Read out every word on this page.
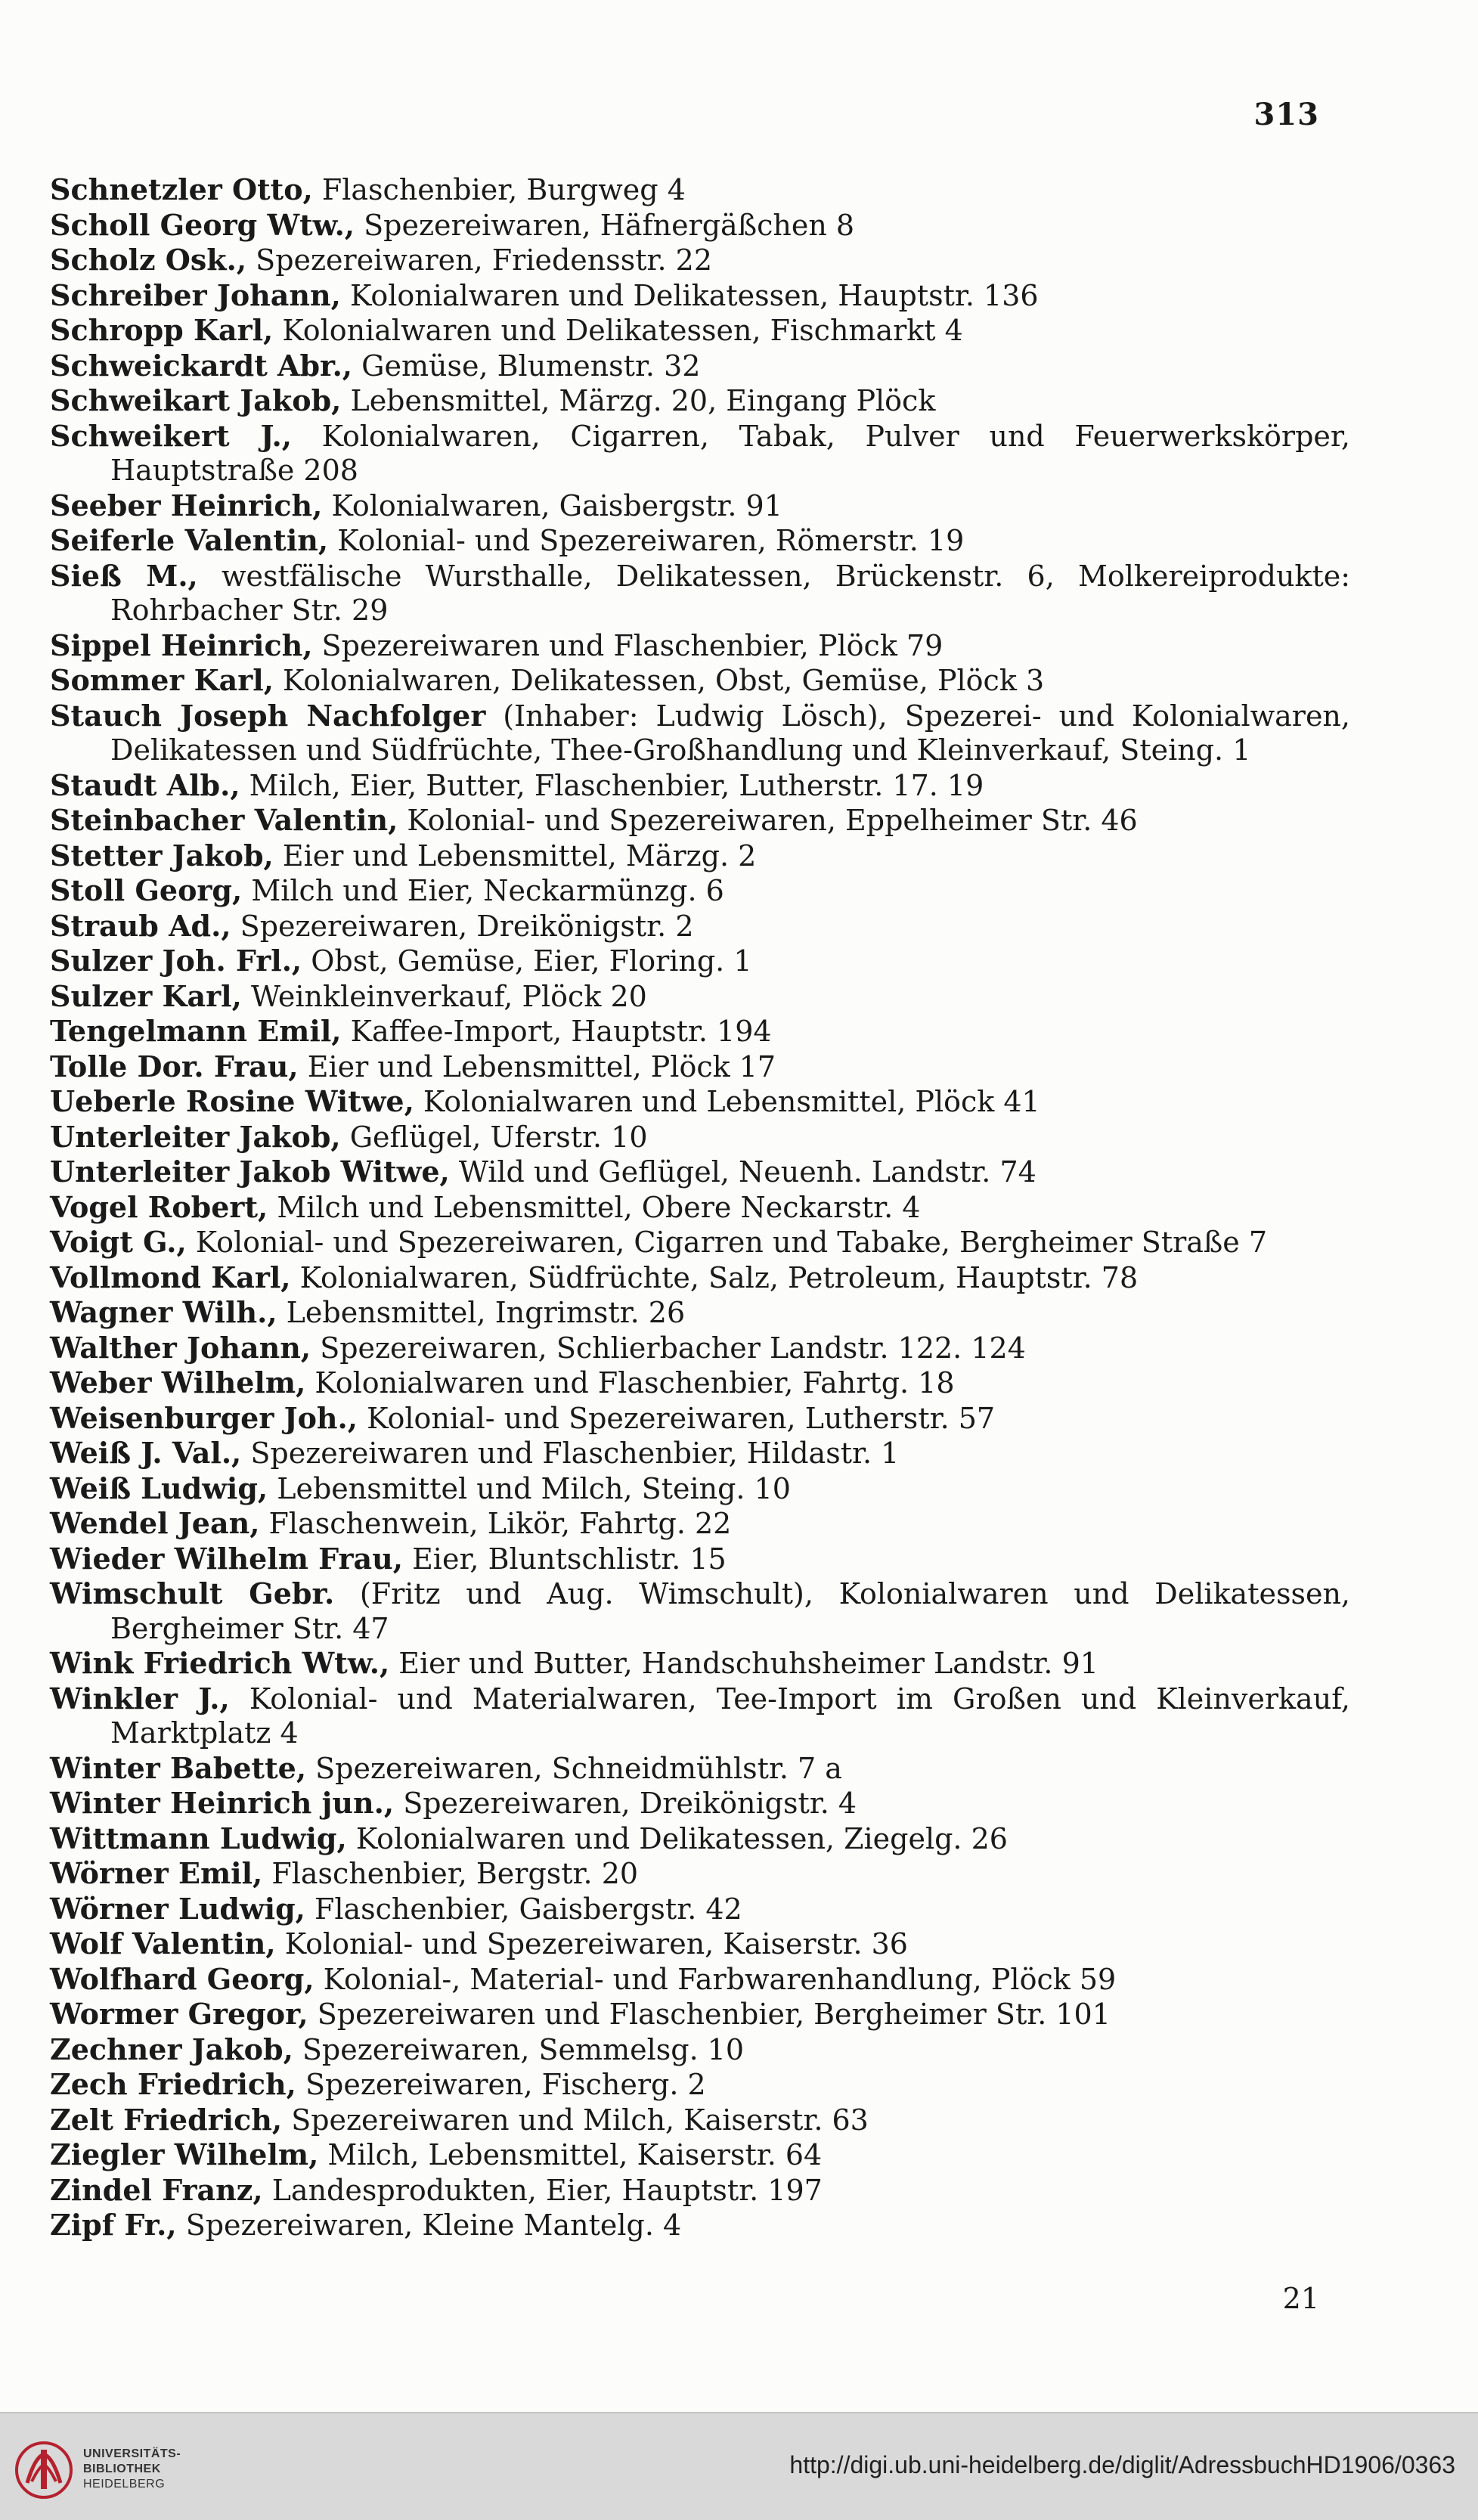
313

Schnetzler Otto, Flaschenbier, Burgweg 4

Scholl Georg Wtw., Spezereiwaren, Häfnergäßchen 8

Scholz Osk., Spezereiwaren, Friedensstr. 22

Schreiber Johann, Kolonialwaren und Delikatessen, Hauptstr. 136

Schropp Karl, Kolonialwaren und Delikatessen, Fischmarkt 4

Schweickardt Abr., Gemüse, Blumenstr. 32

Schweikart Jakob, Lebensmittel, Märzg. 20, Eingang Plöck

Schweikert J., Kolonialwaren, Cigarren, Tabak, Pulver und Feuerwerkskörper, Hauptstraße 208

Seeber Heinrich, Kolonialwaren, Gaisbergstr. 91

Seiferle Valentin, Kolonial- und Spezereiwaren, Römerstr. 19

Sieß M., westfälische Wursthalle, Delikatessen, Brückenstr. 6, Molkereiprodukte: Rohrbacher Str. 29

Sippel Heinrich, Spezereiwaren und Flaschenbier, Plöck 79

Sommer Karl, Kolonialwaren, Delikatessen, Obst, Gemüse, Plöck 3

Stauch Joseph Nachfolger (Inhaber: Ludwig Lösch), Spezerei- und Kolonialwaren, Delikatessen und Südfrüchte, Thee-Großhandlung und Kleinverkauf, Steing. 1

Staudt Alb., Milch, Eier, Butter, Flaschenbier, Lutherstr. 17. 19

Steinbacher Valentin, Kolonial- und Spezereiwaren, Eppelheimer Str. 46

Stetter Jakob, Eier und Lebensmittel, Märzg. 2

Stoll Georg, Milch und Eier, Neckarmünzg. 6

Straub Ad., Spezereiwaren, Dreikönigstr. 2

Sulzer Joh. Frl., Obst, Gemüse, Eier, Floring. 1

Sulzer Karl, Weinkleinverkauf, Plöck 20

Tengelmann Emil, Kaffee-Import, Hauptstr. 194

Tolle Dor. Frau, Eier und Lebensmittel, Plöck 17

Ueberle Rosine Witwe, Kolonialwaren und Lebensmittel, Plöck 41

Unterleiter Jakob, Geflügel, Uferstr. 10

Unterleiter Jakob Witwe, Wild und Geflügel, Neuenh. Landstr. 74

Vogel Robert, Milch und Lebensmittel, Obere Neckarstr. 4

Voigt G., Kolonial- und Spezereiwaren, Cigarren und Tabake, Bergheimer Straße 7

Vollmond Karl, Kolonialwaren, Südfrüchte, Salz, Petroleum, Hauptstr. 78

Wagner Wilh., Lebensmittel, Ingrimstr. 26

Walther Johann, Spezereiwaren, Schlierbacher Landstr. 122. 124

Weber Wilhelm, Kolonialwaren und Flaschenbier, Fahrtg. 18

Weisenburger Joh., Kolonial- und Spezereiwaren, Lutherstr. 57

Weiß J. Val., Spezereiwaren und Flaschenbier, Hildastr. 1

Weiß Ludwig, Lebensmittel und Milch, Steing. 10

Wendel Jean, Flaschenwein, Likör, Fahrtg. 22

Wieder Wilhelm Frau, Eier, Bluntschlistr. 15

Wimschult Gebr. (Fritz und Aug. Wimschult), Kolonialwaren und Delikatessen, Bergheimer Str. 47

Wink Friedrich Wtw., Eier und Butter, Handschuhsheimer Landstr. 91

Winkler J., Kolonial- und Materialwaren, Tee-Import im Großen und Kleinverkauf, Marktplatz 4

Winter Babette, Spezereiwaren, Schneidmühlstr. 7 a

Winter Heinrich jun., Spezereiwaren, Dreikönigstr. 4

Wittmann Ludwig, Kolonialwaren und Delikatessen, Ziegelg. 26

Wörner Emil, Flaschenbier, Bergstr. 20

Wörner Ludwig, Flaschenbier, Gaisbergstr. 42

Wolf Valentin, Kolonial- und Spezereiwaren, Kaiserstr. 36

Wolfhard Georg, Kolonial-, Material- und Farbwarenhandlung, Plöck 59

Wormer Gregor, Spezereiwaren und Flaschenbier, Bergheimer Str. 101

Zechner Jakob, Spezereiwaren, Semmelsg. 10

Zech Friedrich, Spezereiwaren, Fischerg. 2

Zelt Friedrich, Spezereiwaren und Milch, Kaiserstr. 63

Ziegler Wilhelm, Milch, Lebensmittel, Kaiserstr. 64

Zindel Franz, Landesprodukten, Eier, Hauptstr. 197

Zipf Fr., Spezereiwaren, Kleine Mantelg. 4

21
UNIVERSITÄTS-
BIBLIOTHEK
HEIDELBERG
http://digi.ub.uni-heidelberg.de/diglit/AdressbuchHD1906/0363
